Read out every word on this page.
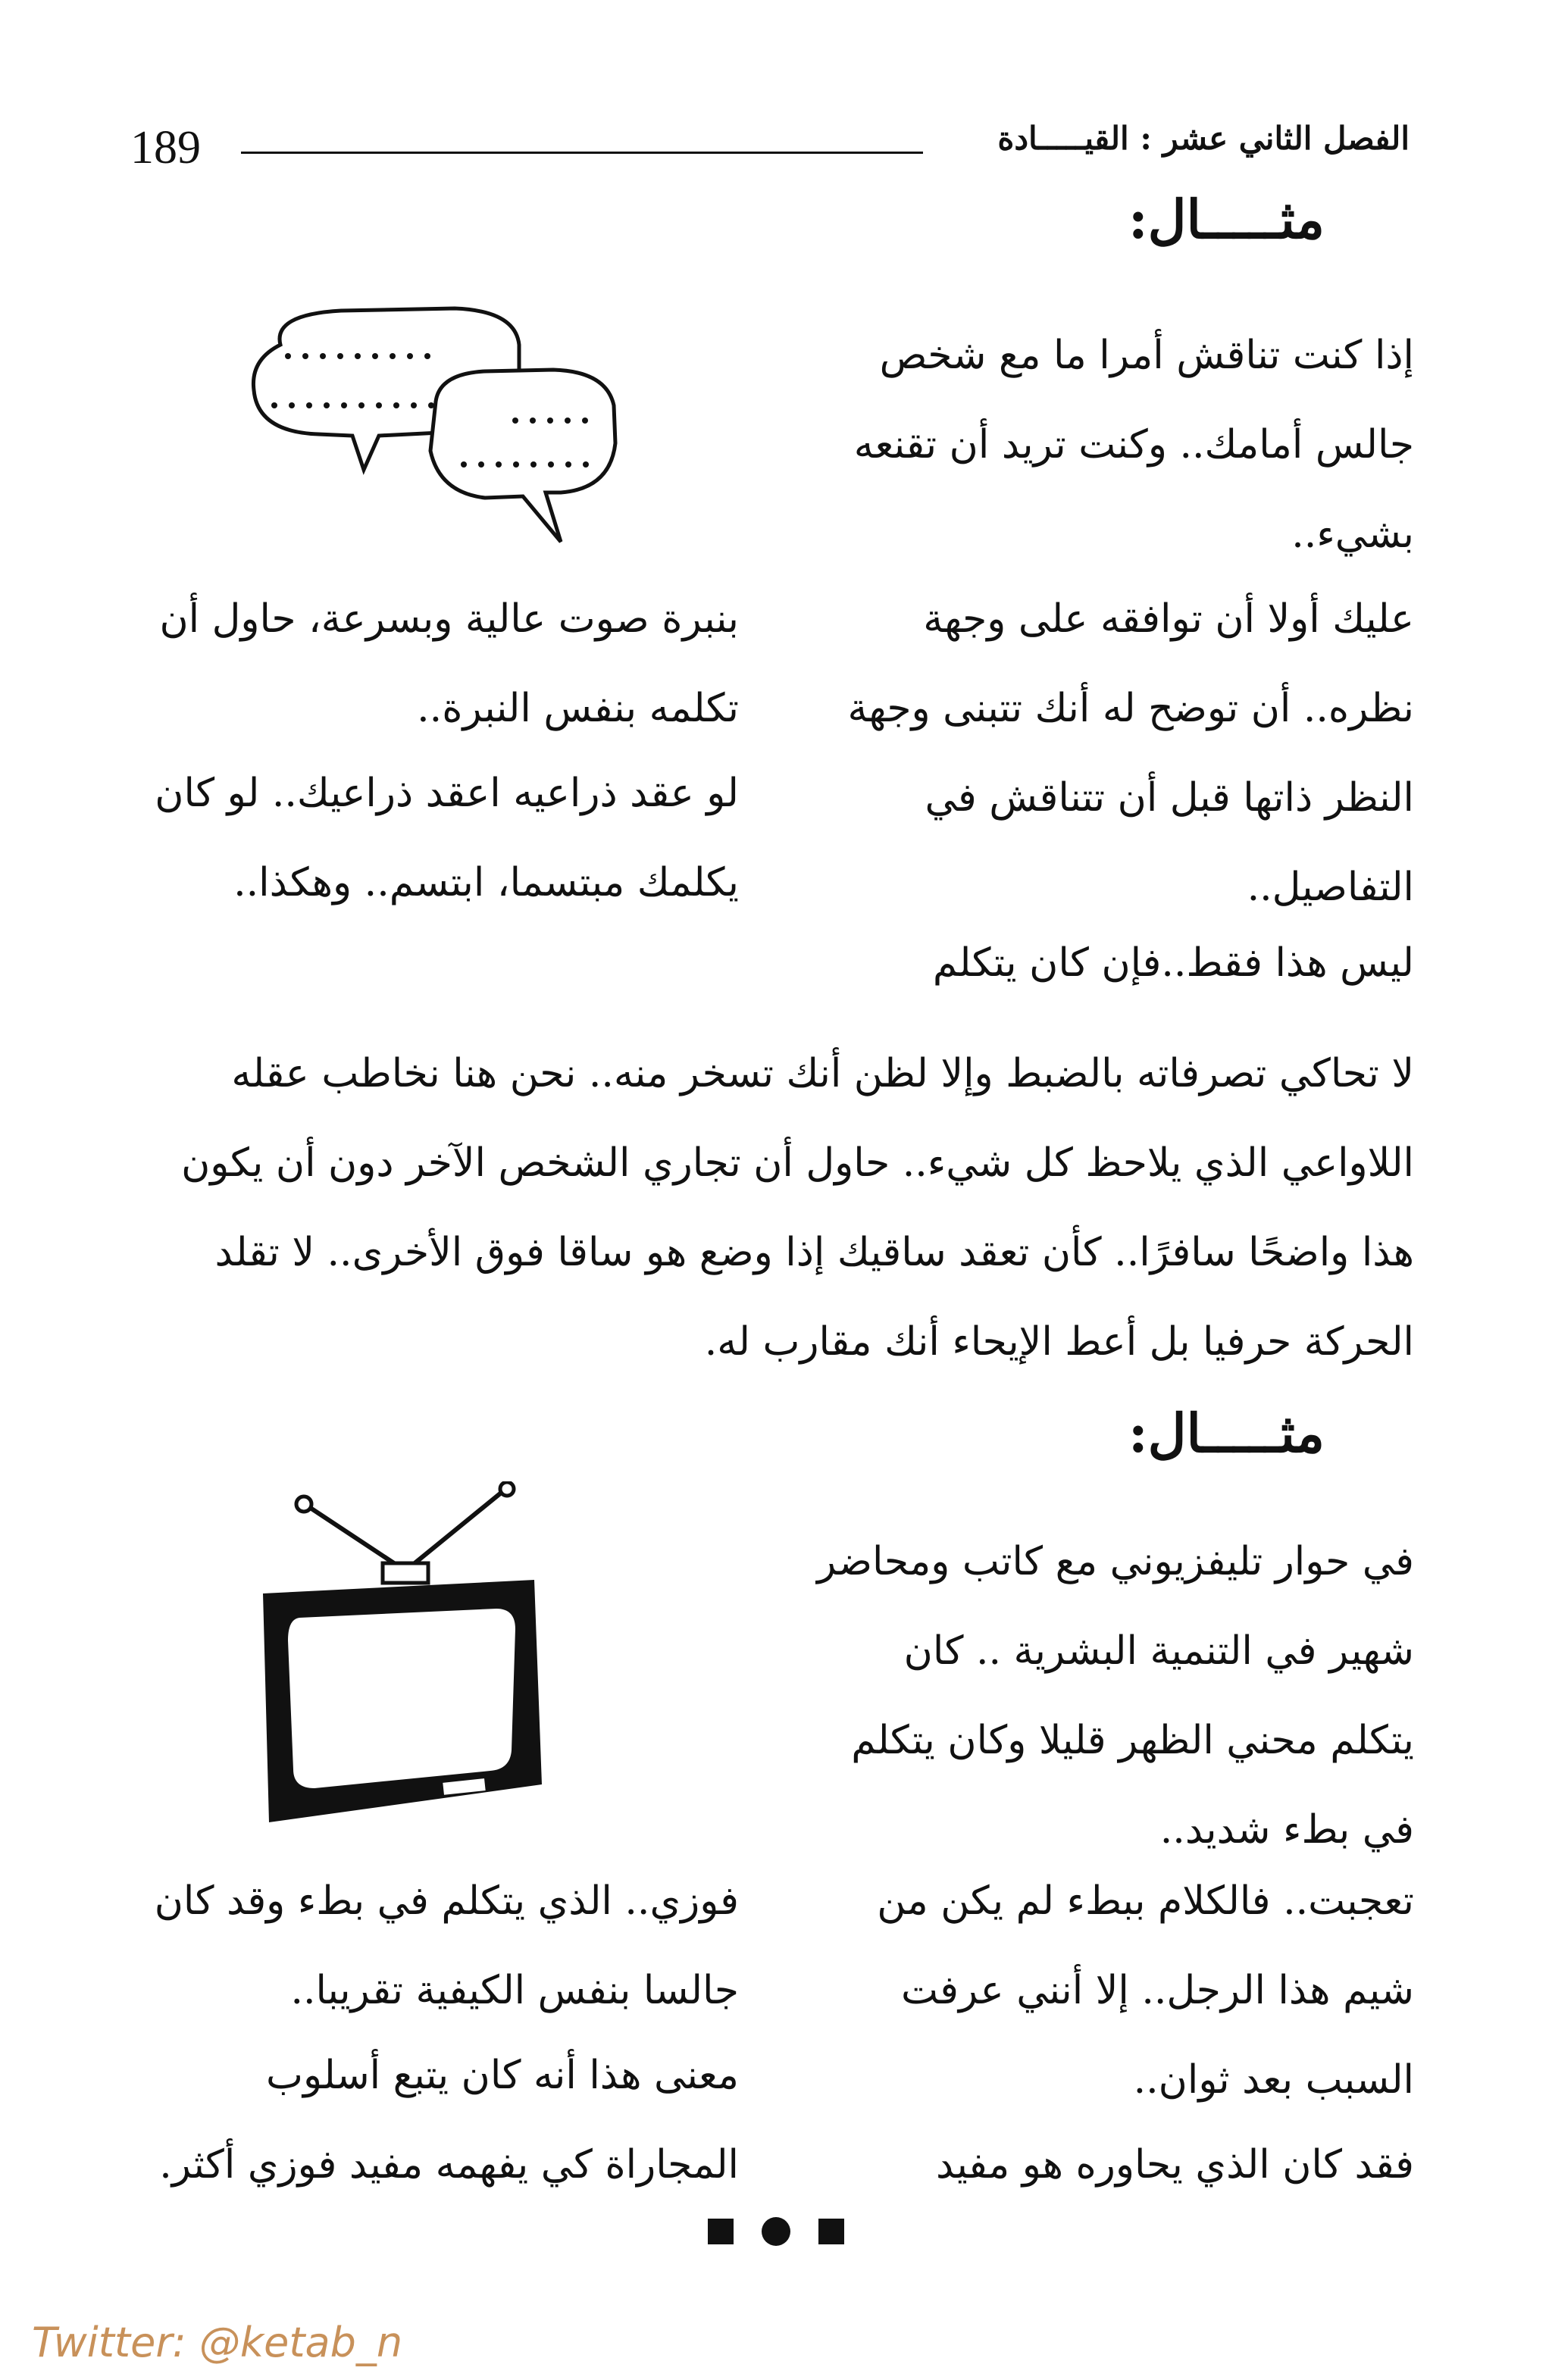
189	الفصل الثاني عشر : القيـــــادة
مثـــــال:

إذا كنت تناقش أمرا ما مع شخص جالس أمامك.. وكنت تريد أن تقنعه بشيء..

عليك أولا أن توافقه على وجهة نظره.. أن توضح له أنك تتبنى وجهة النظر ذاتها قبل أن تتناقش في التفاصيل..

ليس هذا فقط..فإن كان يتكلم

بنبرة صوت عالية وبسرعة، حاول أن تكلمه بنفس النبرة..

لو عقد ذراعيه اعقد ذراعيك.. لو كان يكلمك مبتسما، ابتسم.. وهكذا..

لا تحاكي تصرفاته بالضبط وإلا لظن أنك تسخر منه.. نحن هنا نخاطب عقله اللاواعي الذي يلاحظ كل شيء.. حاول أن تجاري الشخص الآخر دون أن يكون هذا واضحًا سافرًا.. كأن تعقد ساقيك إذا وضع هو ساقا فوق الأخرى.. لا تقلد الحركة حرفيا بل أعط الإيحاء أنك مقارب له.

مثـــــال:

في حوار تليفزيوني مع كاتب ومحاضر شهير في التنمية البشرية .. كان يتكلم محني الظهر قليلا وكان يتكلم في بطء شديد..

تعجبت.. فالكلام ببطء لم يكن من شيم هذا الرجل.. إلا أنني عرفت السبب بعد ثوان..

فقد كان الذي يحاوره هو مفيد

فوزي.. الذي يتكلم في بطء وقد كان جالسا بنفس الكيفية تقريبا..

معنى هذا أنه كان يتبع أسلوب المجاراة كي يفهمه مفيد فوزي أكثر.

Twitter: @ketab_n
